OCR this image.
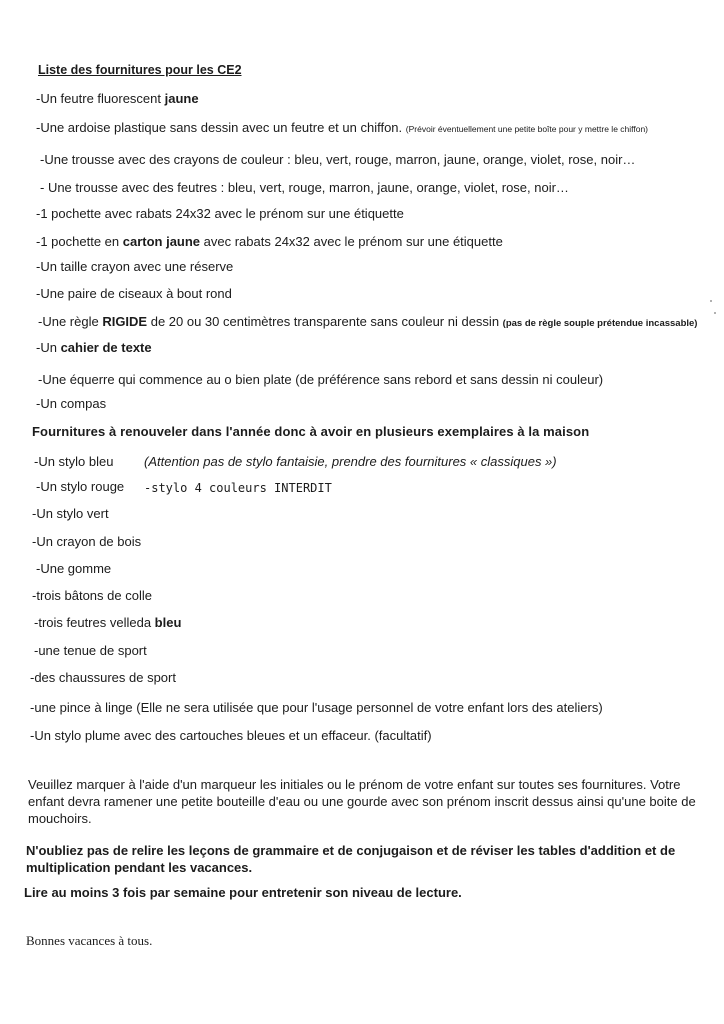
Liste des fournitures pour les CE2
-Un feutre fluorescent jaune
-Une ardoise plastique sans dessin avec un feutre et un chiffon. (Prévoir éventuellement une petite boîte pour y mettre le chiffon)
-Une trousse avec des crayons de couleur : bleu, vert, rouge, marron, jaune, orange, violet, rose, noir…
- Une trousse avec des feutres : bleu, vert, rouge, marron, jaune, orange, violet, rose, noir…
-1 pochette avec rabats 24x32 avec le prénom sur une étiquette
-1 pochette en carton jaune avec rabats 24x32 avec le prénom sur une étiquette
-Un taille crayon avec une réserve
-Une paire de ciseaux à bout rond
-Une règle RIGIDE de 20 ou 30 centimètres transparente sans couleur ni dessin (pas de règle souple prétendue incassable)
-Un cahier de texte
-Une équerre qui commence au o bien plate (de préférence sans rebord et sans dessin ni couleur)
-Un compas
Fournitures à renouveler dans l'année donc à avoir en plusieurs exemplaires à la maison
-Un stylo bleu (Attention pas de stylo fantaisie, prendre des fournitures « classiques »)
-Un stylo rouge -stylo 4 couleurs INTERDIT
-Un stylo vert
-Un crayon de bois
-Une gomme
-trois bâtons de colle
-trois feutres velleda bleu
-une tenue de sport
-des chaussures de sport
-une pince à linge (Elle ne sera utilisée que pour l'usage personnel de votre enfant lors des ateliers)
-Un stylo plume avec des cartouches bleues et un effaceur. (facultatif)
Veuillez marquer à l'aide d'un marqueur les initiales ou le prénom de votre enfant sur toutes ses fournitures. Votre
enfant devra ramener une petite bouteille d'eau ou une gourde avec son prénom inscrit dessus ainsi qu'une boite de
mouchoirs.
N'oubliez pas de relire les leçons de grammaire et de conjugaison et de réviser les tables d'addition et de
multiplication pendant les vacances.
Lire au moins 3 fois par semaine pour entretenir son niveau de lecture.
Bonnes vacances à tous.
